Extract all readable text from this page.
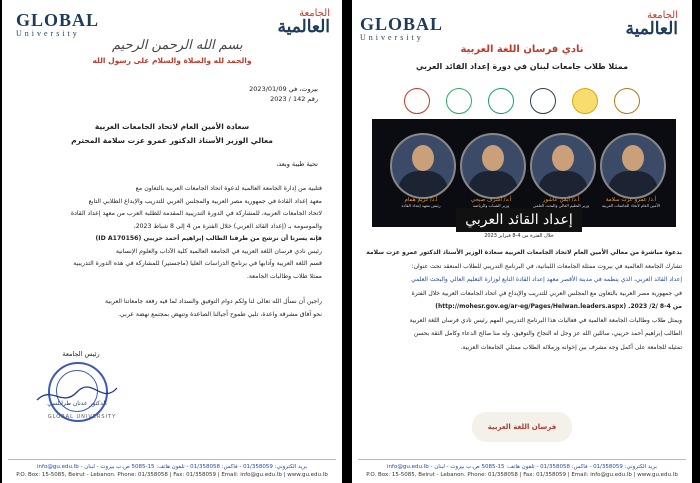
GLOBAL
University
الجامعة
العالمية
بسم الله الرحمن الرحيم
والحمد لله والصلاة والسلام على رسول الله
بيروت، في 2023/01/09
رقم 142 / 2023
سعادة الأمين العام لاتحاد الجامعات العربية
معالي الوزير الأستاذ الدكتور عمرو عزت سلامة المحترم
تحية طيبة وبعد،
فتلبية من إدارة الجامعة العالمية لدعوة اتحاد الجامعات العربية بالتعاون مع
معهد إعداد القادة في جمهورية مصر العربية والمجلس العربي للتدريب والإبداع الطلابي التابع
لاتحاد الجامعات العربية، للمشاركة في الدورة التدريبية المقدمة للطلبة العرب من معهد إعداد القادة
والموسومة بـ (إعداد القائد العربي) خلال الفترة من 4 إلى 8 شباط 2023،
فإنه يسرنا أن نرشح من طرفنا الطالب إبراهيم أحمد حريبي (ID A170156)
رئيس نادي فرسان اللغة العربية في الجامعة العالمية كلية الآداب والعلوم الإنسانية
قسم اللغة العربية وآدابها في برنامج الدراسات العليا (ماجستير) للمشاركة في هذه الدورة التدريبية
ممثلا طلاب وطالبات الجامعة.
راجين أن نسأل الله تعالى لنا ولكم دوام التوفيق والسداد لما فيه رفعة جامعاتنا العربية
نحو آفاق مشرقة واعدة، تلبي طموح أجيالنا الصاعدة وتنهض بمجتمع نهضة عربي.
رئيس الجامعة
الدكتور عدنان طرابلسي
GLOBAL UNIVERSITY
info@gu.edu.lb - بريد الكتروني: 01/358059 - فاكس: 01/358058 - تلفون هاتف: 15-5085 ص.ب بيروت - لبنان
P.O. Box: 15-5085, Beirut - Lebanon. Phone: 01/358058 | Fax: 01/358059 | Email: info@gu.edu.lb | www.gu.edu.lb
GLOBAL
University
الجامعة
العالمية
نادي فرسان اللغة العربية
ممثلا طلاب جامعات لبنان في دورة إعداد القائد العربي
أ.د/ كريم همام
رئيس معهد إعداد القادة
أ.د/ أشرف صبحي
وزير الشباب والرياضة
أ.د/ أيمن عاشور
وزير التعليم العالي والبحث العلمي
أ.د/ عمرو عزت سلامة
الأمين العام لاتحاد الجامعات العربية
إعداد القائد العربي
خلال الفترة من 4-8 فبراير 2023
بدعوة مباشرة من معالي الأمين العام لاتحاد الجامعات العربية سعادة الوزير الأستاذ الدكتور عمرو عزت سلامة
تشارك الجامعة العالمية في بيروت ممثلة الجامعات اللبنانية، في البرنامج التدريبي للطلاب المنعقد تحت عنوان:
إعداد القائد العربي، الذي ينظمه في مدينة الأقصر معهد إعداد القادة التابع لوزارة التعليم العالي والبحث العلمي
في جمهورية مصر العربية بالتعاون مع المجلس العربي للتدريب والإبداع في اتحاد الجامعات العربية خلال الفترة
من 4-8 /2/ 2023. (http://mohesr.gov.eg/ar-eg/Pages/Helwan.leaders.aspx)
ويمثل طلاب وطالبات الجامعة العالمية في فعاليات هذا البرنامج التدريبي المهم رئيس نادي فرسان اللغة العربية
الطالب إبراهيم أحمد حريبي، سائلين الله عز وجل له النجاح والتوفيق، وله منا صالح الدعاء وكامل الثقة بحسن
تمثيله للجامعة على أكمل وجه مشرف بين إخوانه وزملائه الطلاب ممثلي الجامعات العربية.
فرسان اللغة العربية
info@gu.edu.lb - بريد الكتروني: 01/358059 - فاكس: 01/358058 - تلفون هاتف: 15-5085 ص.ب بيروت - لبنان
P.O. Box: 15-5085, Beirut - Lebanon. Phone: 01/358058 | Fax: 01/358059 | Email: info@gu.edu.lb | www.gu.edu.lb
